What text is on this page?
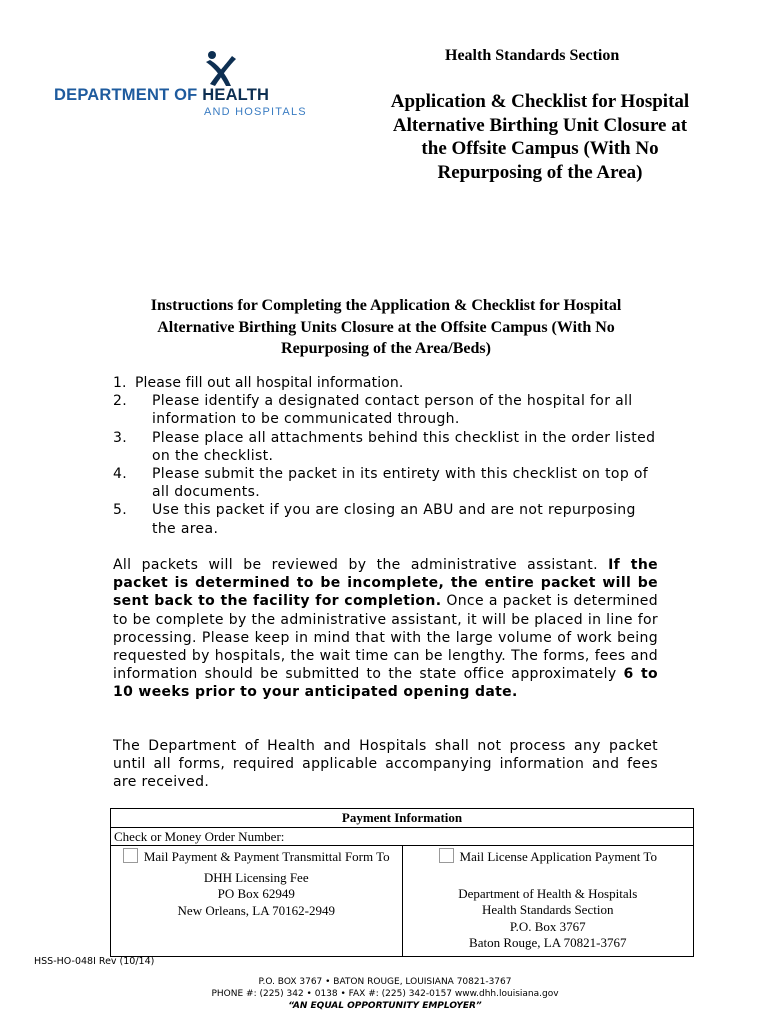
DEPARTMENT OF HEALTH
AND HOSPITALS
Health Standards Section
Application & Checklist for Hospital
Alternative Birthing Unit Closure at
the Offsite Campus (With No
Repurposing of the Area)
Instructions for Completing the Application & Checklist for Hospital
Alternative Birthing Units Closure at the Offsite Campus (With No
Repurposing of the Area/Beds)
1. Please fill out all hospital information.
2. Please identify a designated contact person of the hospital for all information to be communicated through.
3. Please place all attachments behind this checklist in the order listed on the checklist.
4. Please submit the packet in its entirety with this checklist on top of all documents.
5. Use this packet if you are closing an ABU and are not repurposing the area.
All packets will be reviewed by the administrative assistant. If the packet is determined to be incomplete, the entire packet will be sent back to the facility for completion. Once a packet is determined to be complete by the administrative assistant, it will be placed in line for processing. Please keep in mind that with the large volume of work being requested by hospitals, the wait time can be lengthy. The forms, fees and information should be submitted to the state office approximately 6 to 10 weeks prior to your anticipated opening date.
The Department of Health and Hospitals shall not process any packet until all forms, required applicable accompanying information and fees are received.
Payment Information
Check or Money Order Number:
Mail Payment & Payment Transmittal Form To
DHH Licensing Fee
PO Box 62949
New Orleans, LA 70162-2949
Mail License Application Payment To
Department of Health & Hospitals
Health Standards Section
P.O. Box 3767
Baton Rouge, LA 70821-3767
HSS-HO-048I Rev (10/14)
P.O. BOX 3767 • BATON ROUGE, LOUISIANA 70821-3767
PHONE #: (225) 342 • 0138 • FAX #: (225) 342-0157 www.dhh.louisiana.gov
“AN EQUAL OPPORTUNITY EMPLOYER”
